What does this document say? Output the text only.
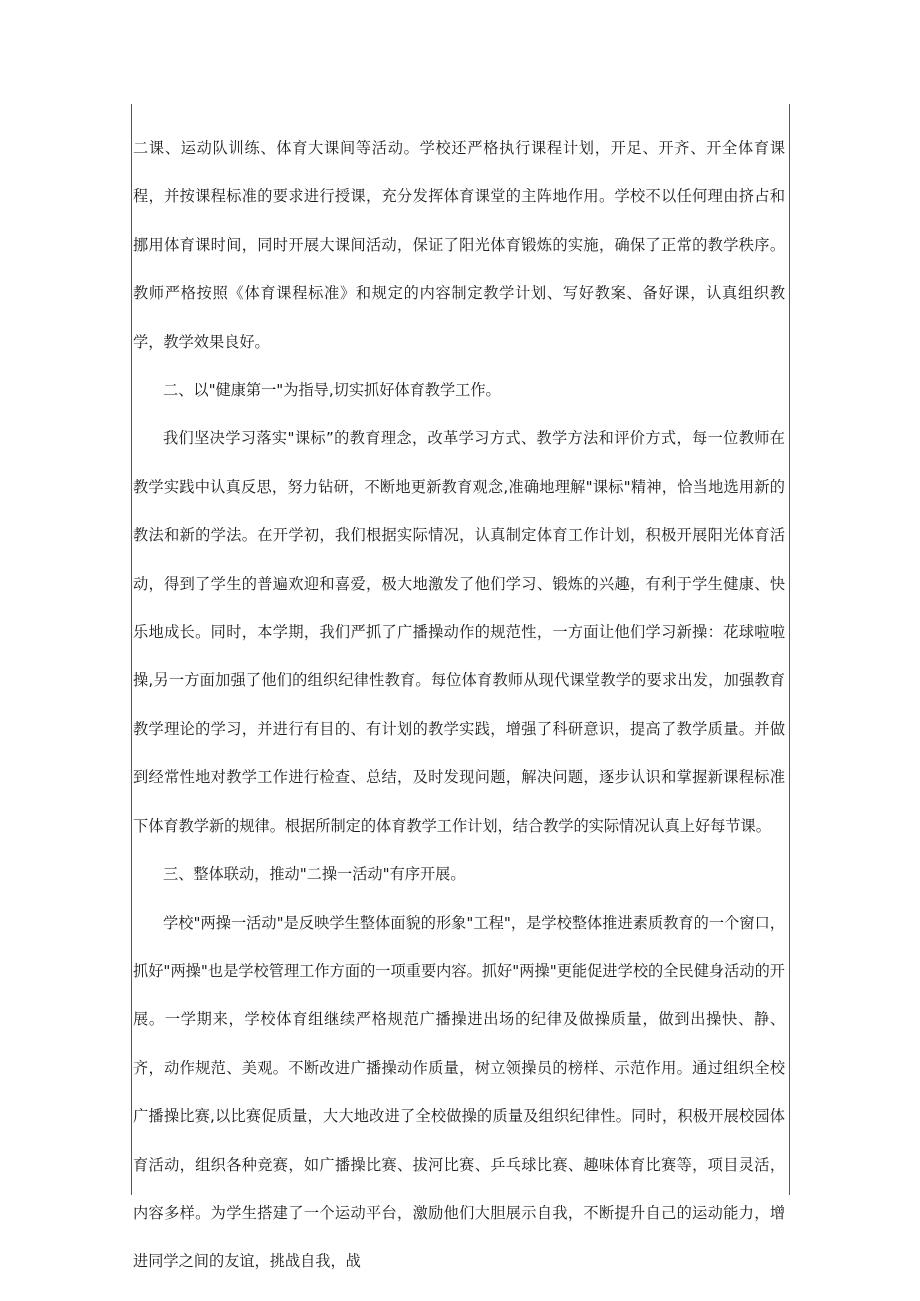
二课、运动队训练、体育大课间等活动。学校还严格执行课程计划，开足、开齐、开全体育课程，并按课程标准的要求进行授课，充分发挥体育课堂的主阵地作用。学校不以任何理由挤占和挪用体育课时间，同时开展大课间活动，保证了阳光体育锻炼的实施，确保了正常的教学秩序。教师严格按照《体育课程标准》和规定的内容制定教学计划、写好教案、备好课，认真组织教学，教学效果良好。

二、以"健康第一"为指导,切实抓好体育教学工作。

我们坚决学习落实"课标”的教育理念，改革学习方式、教学方法和评价方式，每一位教师在教学实践中认真反思，努力钻研，不断地更新教育观念,准确地理解"课标"精神，恰当地选用新的教法和新的学法。在开学初，我们根据实际情况，认真制定体育工作计划，积极开展阳光体育活动，得到了学生的普遍欢迎和喜爱，极大地激发了他们学习、锻炼的兴趣，有利于学生健康、快乐地成长。同时，本学期，我们严抓了广播操动作的规范性，一方面让他们学习新操：花球啦啦操,另一方面加强了他们的组织纪律性教育。每位体育教师从现代课堂教学的要求出发，加强教育教学理论的学习，并进行有目的、有计划的教学实践，增强了科研意识，提高了教学质量。并做到经常性地对教学工作进行检查、总结，及时发现问题，解决问题，逐步认识和掌握新课程标准下体育教学新的规律。根据所制定的体育教学工作计划，结合教学的实际情况认真上好每节课。

三、整体联动，推动"二操一活动"有序开展。

学校"两操一活动"是反映学生整体面貌的形象"工程"，是学校整体推进素质教育的一个窗口，抓好"两操"也是学校管理工作方面的一项重要内容。抓好"两操"更能促进学校的全民健身活动的开展。一学期来，学校体育组继续严格规范广播操进出场的纪律及做操质量，做到出操快、静、齐，动作规范、美观。不断改进广播操动作质量，树立领操员的榜样、示范作用。通过组织全校广播操比赛,以比赛促质量，大大地改进了全校做操的质量及组织纪律性。同时，积极开展校园体育活动，组织各种竞赛，如广播操比赛、拔河比赛、乒乓球比赛、趣味体育比赛等，项目灵活，内容多样。为学生搭建了一个运动平台，激励他们大胆展示自我，不断提升自己的运动能力，增进同学之间的友谊，挑战自我，战
